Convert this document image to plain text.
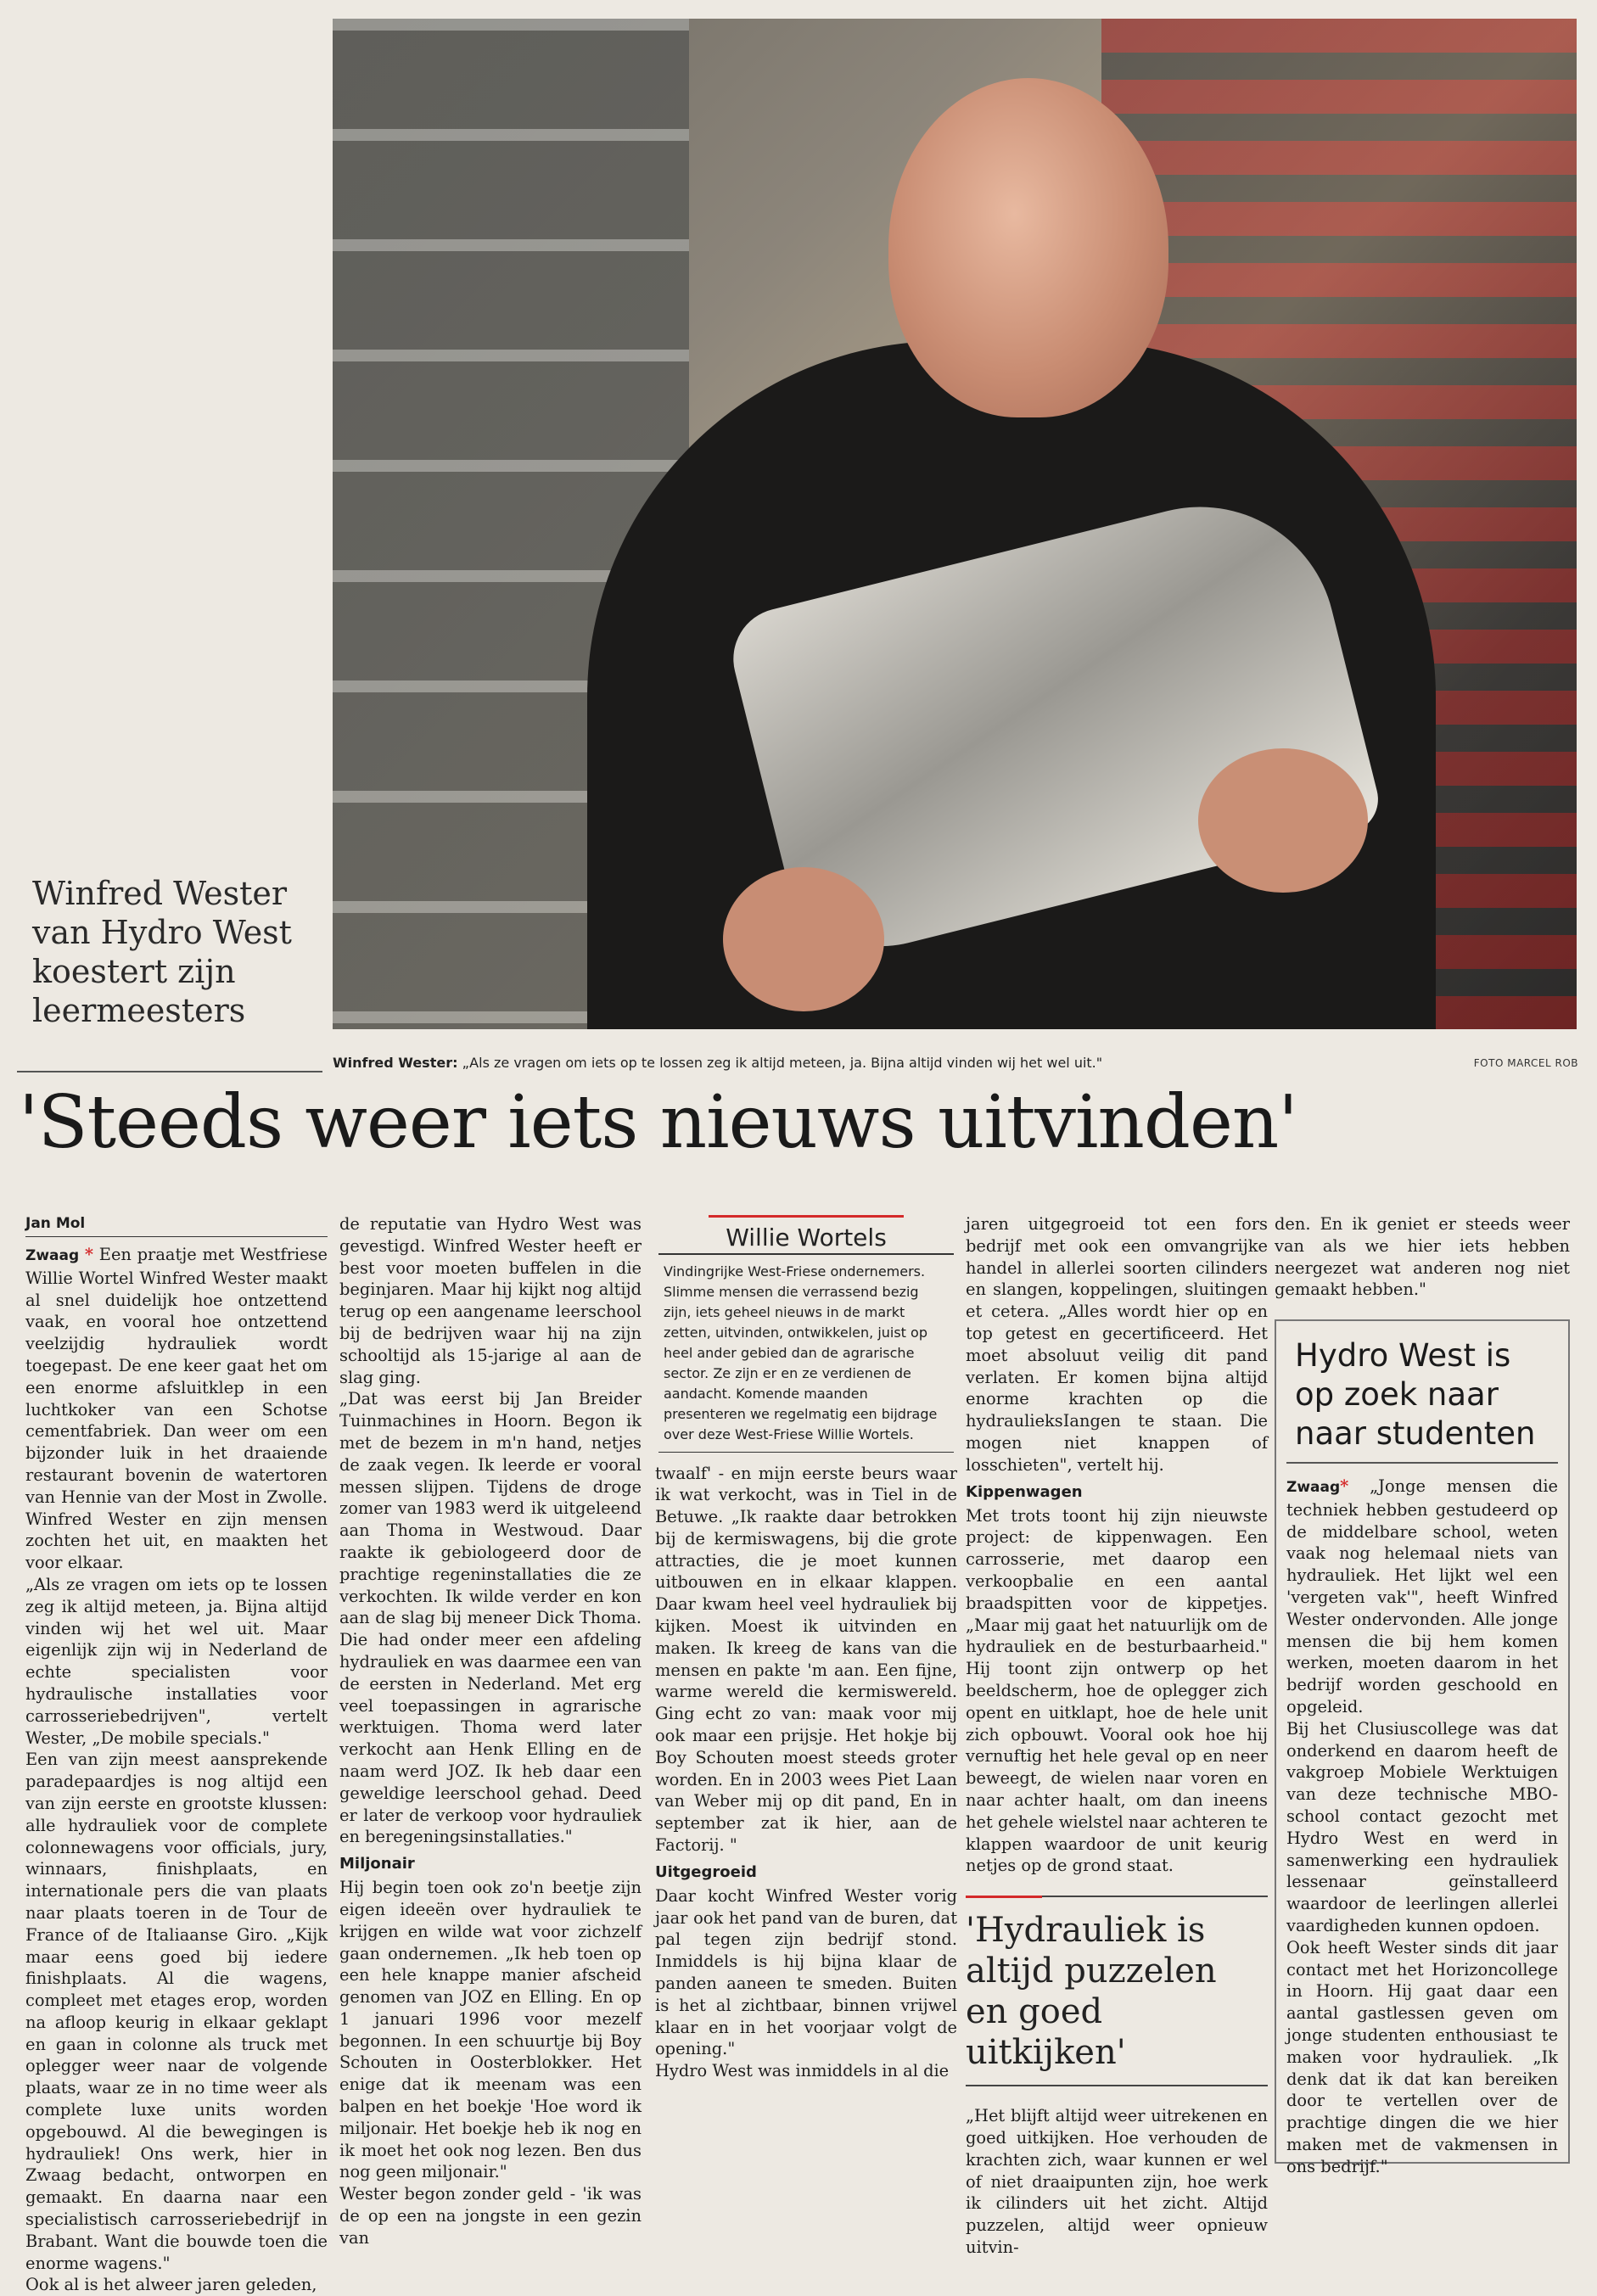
Winfred Wester van Hydro West koestert zijn leermeesters
Winfred Wester: „Als ze vragen om iets op te lossen zeg ik altijd meteen, ja. Bijna altijd vinden wij het wel uit."	FOTO MARCEL ROB
'Steeds weer iets nieuws uitvinden'
Jan Mol

Zwaag * Een praatje met Westfriese Willie Wortel Winfred Wester maakt al snel duidelijk hoe ontzettend vaak, en vooral hoe ontzettend veelzijdig hydrauliek wordt toegepast. De ene keer gaat het om een enorme afsluitklep in een luchtkoker van een Schotse cementfabriek. Dan weer om een bijzonder luik in het draaiende restaurant bovenin de watertoren van Hennie van der Most in Zwolle. Winfred Wester en zijn mensen zochten het uit, en maakten het voor elkaar.

„Als ze vragen om iets op te lossen zeg ik altijd meteen, ja. Bijna altijd vinden wij het wel uit. Maar eigenlijk zijn wij in Nederland de echte specialisten voor hydraulische installaties voor carrosseriebedrijven", vertelt Wester, „De mobile specials."

Een van zijn meest aansprekende paradepaardjes is nog altijd een van zijn eerste en grootste klussen: alle hydrauliek voor de complete colonnewagens voor officials, jury, winnaars, finishplaats, en internationale pers die van plaats naar plaats toeren in de Tour de France of de Italiaanse Giro. „Kijk maar eens goed bij iedere finishplaats. Al die wagens, compleet met etages erop, worden na afloop keurig in elkaar geklapt en gaan in colonne als truck met oplegger weer naar de volgende plaats, waar ze in no time weer als complete luxe units worden opgebouwd. Al die bewegingen is hydrauliek! Ons werk, hier in Zwaag bedacht, ontworpen en gemaakt. En daarna naar een specialistisch carrosseriebedrijf in Brabant. Want die bouwde toen die enorme wagens."

Ook al is het alweer jaren geleden,

de reputatie van Hydro West was gevestigd. Winfred Wester heeft er best voor moeten buffelen in die beginjaren. Maar hij kijkt nog altijd terug op een aangename leerschool bij de bedrijven waar hij na zijn schooltijd als 15-jarige al aan de slag ging.

„Dat was eerst bij Jan Breider Tuinmachines in Hoorn. Begon ik met de bezem in m'n hand, netjes de zaak vegen. Ik leerde er vooral messen slijpen. Tijdens de droge zomer van 1983 werd ik uitgeleend aan Thoma in Westwoud. Daar raakte ik gebiologeerd door de prachtige regeninstallaties die ze verkochten. Ik wilde verder en kon aan de slag bij meneer Dick Thoma. Die had onder meer een afdeling hydrauliek en was daarmee een van de eersten in Nederland. Met erg veel toepassingen in agrarische werktuigen. Thoma werd later verkocht aan Henk Elling en de naam werd JOZ. Ik heb daar een geweldige leerschool gehad. Deed er later de verkoop voor hydrauliek en beregeningsinstallaties."

Miljonair

Hij begin toen ook zo'n beetje zijn eigen ideeën over hydrauliek te krijgen en wilde wat voor zichzelf gaan ondernemen. „Ik heb toen op een hele knappe manier afscheid genomen van JOZ en Elling. En op 1 januari 1996 voor mezelf begonnen. In een schuurtje bij Boy Schouten in Oosterblokker. Het enige dat ik meenam was een balpen en het boekje 'Hoe word ik miljonair. Het boekje heb ik nog en ik moet het ook nog lezen. Ben dus nog geen miljonair."

Wester begon zonder geld - 'ik was de op een na jongste in een gezin van

Willie Wortels
Vindingrijke West-Friese ondernemers. Slimme mensen die verrassend bezig zijn, iets geheel nieuws in de markt zetten, uitvinden, ontwikkelen, juist op heel ander gebied dan de agrarische sector. Ze zijn er en ze verdienen de aandacht. Komende maanden presenteren we regelmatig een bijdrage over deze West-Friese Willie Wortels.

twaalf' - en mijn eerste beurs waar ik wat verkocht, was in Tiel in de Betuwe. „Ik raakte daar betrokken bij de kermiswagens, bij die grote attracties, die je moet kunnen uitbouwen en in elkaar klappen. Daar kwam heel veel hydrauliek bij kijken. Moest ik uitvinden en maken. Ik kreeg de kans van die mensen en pakte 'm aan. Een fijne, warme wereld die kermiswereld. Ging echt zo van: maak voor mij ook maar een prijsje. Het hokje bij Boy Schouten moest steeds groter worden. En in 2003 wees Piet Laan van Weber mij op dit pand, En in september zat ik hier, aan de Factorij. "

Uitgegroeid

Daar kocht Winfred Wester vorig jaar ook het pand van de buren, dat pal tegen zijn bedrijf stond. Inmiddels is hij bijna klaar de panden aaneen te smeden. Buiten is het al zichtbaar, binnen vrijwel klaar en in het voorjaar volgt de opening."

Hydro West was inmiddels in al die

jaren uitgegroeid tot een fors bedrijf met ook een omvangrijke handel in allerlei soorten cilinders en slangen, koppelingen, sluitingen et cetera. „Alles wordt hier op en top getest en gecertificeerd. Het moet absoluut veilig dit pand verlaten. Er komen bijna altijd enorme krachten op die hydraulieksIangen te staan. Die mogen niet knappen of losschieten", vertelt hij.

Kippenwagen

Met trots toont hij zijn nieuwste project: de kippenwagen. Een carrosserie, met daarop een verkoopbalie en een aantal braadspitten voor de kippetjes. „Maar mij gaat het natuurlijk om de hydrauliek en de besturbaarheid." Hij toont zijn ontwerp op het beeldscherm, hoe de oplegger zich opent en uitklapt, hoe de hele unit zich opbouwt. Vooral ook hoe hij vernuftig het hele geval op en neer beweegt, de wielen naar voren en naar achter haalt, om dan ineens het gehele wielstel naar achteren te klappen waardoor de unit keurig netjes op de grond staat.

'Hydrauliek is altijd puzzelen en goed uitkijken'

„Het blijft altijd weer uitrekenen en goed uitkijken. Hoe verhouden de krachten zich, waar kunnen er wel of niet draaipunten zijn, hoe werk ik cilinders uit het zicht. Altijd puzzelen, altijd weer opnieuw uitvin-

den. En ik geniet er steeds weer van als we hier iets hebben neergezet wat anderen nog niet gemaakt hebben."

Hydro West is op zoek naar naar studenten

Zwaag* „Jonge mensen die techniek hebben gestudeerd op de middelbare school, weten vaak nog helemaal niets van hydrauliek. Het lijkt wel een 'vergeten vak'", heeft Winfred Wester ondervonden. Alle jonge mensen die bij hem komen werken, moeten daarom in het bedrijf worden geschoold en opgeleid.

Bij het Clusiuscollege was dat onderkend en daarom heeft de vakgroep Mobiele Werktuigen van deze technische MBO-school contact gezocht met Hydro West en werd in samenwerking een hydrauliek lessenaar geïnstalleerd waardoor de leerlingen allerlei vaardigheden kunnen opdoen.

Ook heeft Wester sinds dit jaar contact met het Horizoncollege in Hoorn. Hij gaat daar een aantal gastlessen geven om jonge studenten enthousiast te maken voor hydrauliek. „Ik denk dat ik dat kan bereiken door te vertellen over de prachtige dingen die we hier maken met de vakmensen in ons bedrijf."
